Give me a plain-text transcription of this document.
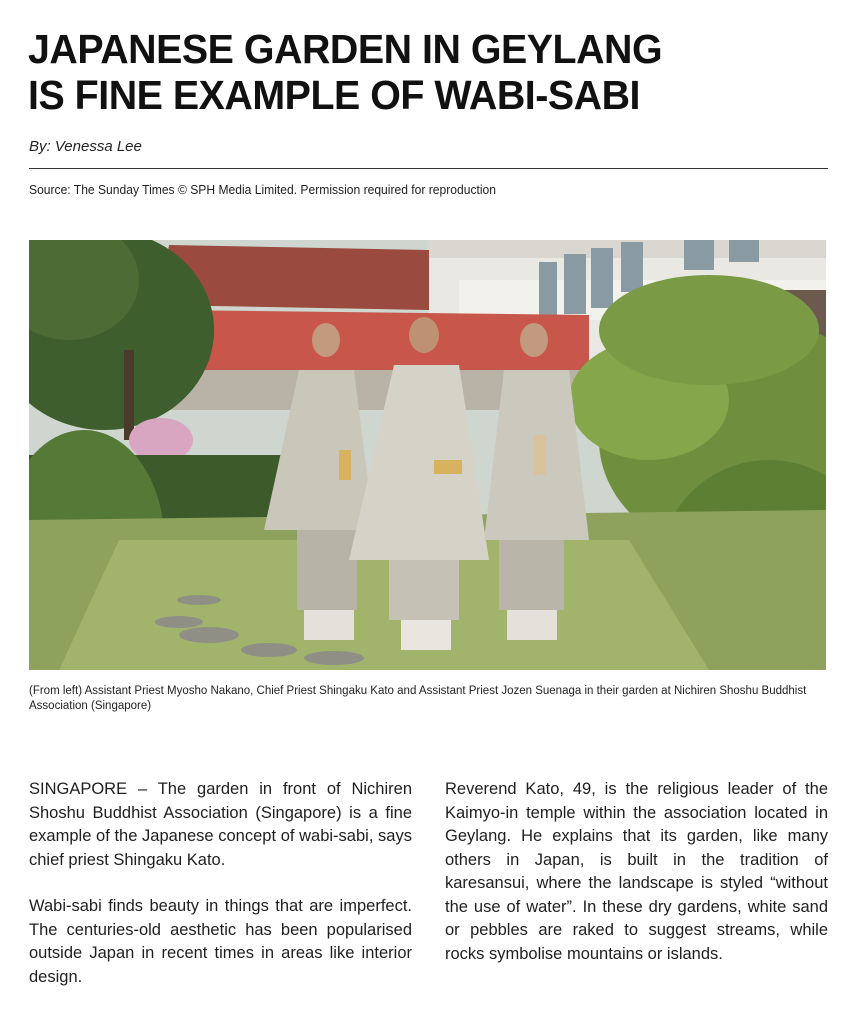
JAPANESE GARDEN IN GEYLANG
IS FINE EXAMPLE OF WABI-SABI
By: Venessa Lee
Source: The Sunday Times © SPH Media Limited. Permission required for reproduction

(From left) Assistant Priest Myosho Nakano, Chief Priest Shingaku Kato and Assistant Priest Jozen Suenaga in their garden at Nichiren Shoshu Buddhist Association (Singapore)

SINGAPORE – The garden in front of Nichiren Shoshu Buddhist Association (Singapore) is a fine example of the Japanese concept of wabi-sabi, says chief priest Shingaku Kato.

Wabi-sabi finds beauty in things that are imperfect. The centuries-old aesthetic has been popularised outside Japan in recent times in areas like interior design.

Reverend Kato, 49, is the religious leader of the Kaimyo-in temple within the association located in Geylang. He explains that its garden, like many others in Japan, is built in the tradition of karesansui, where the landscape is styled “without the use of water”. In these dry gardens, white sand or pebbles are raked to suggest streams, while rocks symbolise mountains or islands.
